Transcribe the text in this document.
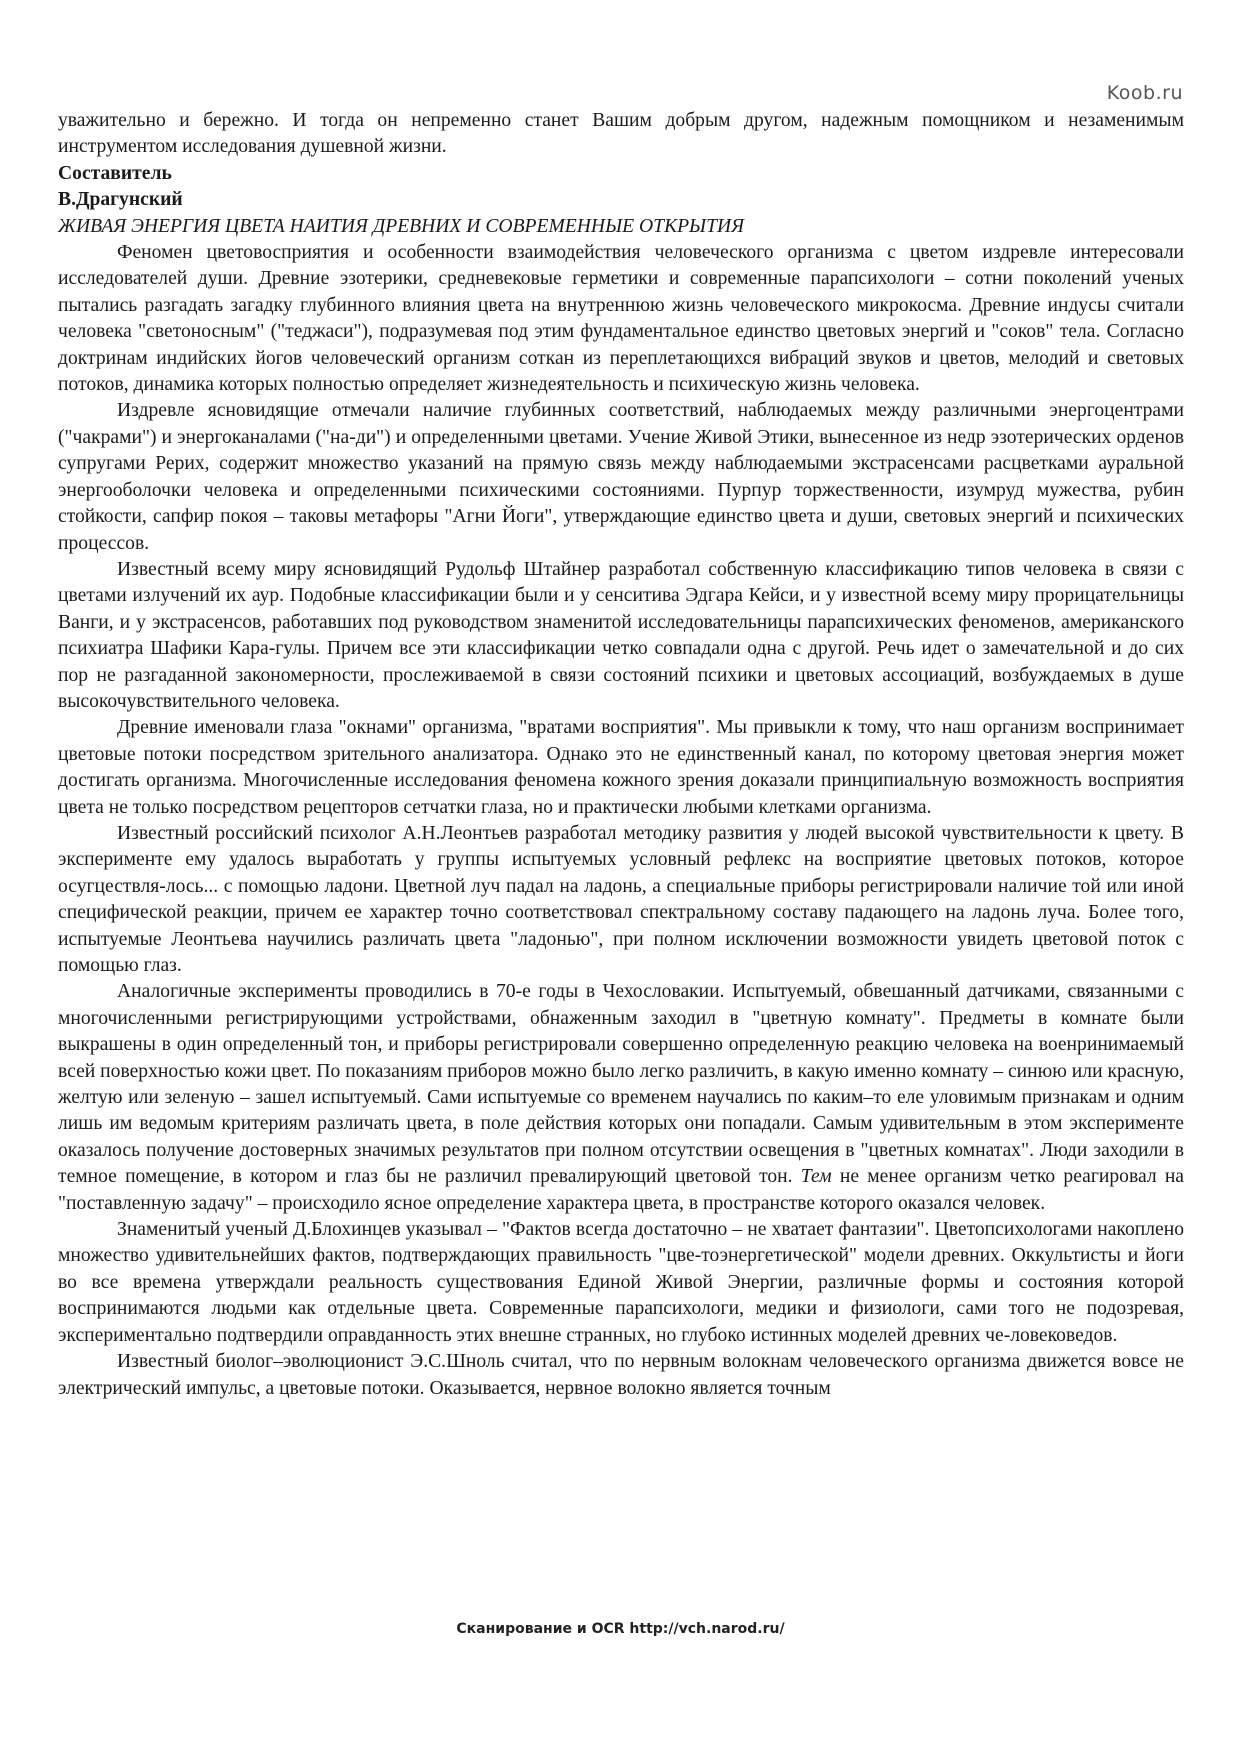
Koob.ru

уважительно и бережно. И тогда он непременно станет Вашим добрым другом, надежным помощником и незаменимым инструментом исследования душевной жизни.

Составитель

В.Драгунский

ЖИВАЯ ЭНЕРГИЯ ЦВЕТА НАИТИЯ ДРЕВНИХ И СОВРЕМЕННЫЕ ОТКРЫТИЯ

Феномен цветовосприятия и особенности взаимодействия человеческого организма с цветом издревле интересовали исследователей души. Древние эзотерики, средневековые герметики и современные парапсихологи – сотни поколений ученых пытались разгадать загадку глубинного влияния цвета на внутреннюю жизнь человеческого микрокосма. Древние индусы считали человека "светоносным" ("теджаси"), подразумевая под этим фундаментальное единство цветовых энергий и "соков" тела. Согласно доктринам индийских йогов человеческий организм соткан из переплетающихся вибраций звуков и цветов, мелодий и световых потоков, динамика которых полностью определяет жизнедеятельность и психическую жизнь человека.

Издревле ясновидящие отмечали наличие глубинных соответствий, наблюдаемых между различными энергоцентрами ("чакрами") и энергоканалами ("на-ди") и определенными цветами. Учение Живой Этики, вынесенное из недр эзотерических орденов супругами Рерих, содержит множество указаний на прямую связь между наблюдаемыми экстрасенсами расцветками ауральной энергооболочки человека и определенными психическими состояниями. Пурпур торжественности, изумруд мужества, рубин стойкости, сапфир покоя – таковы метафоры "Агни Йоги", утверждающие единство цвета и души, световых энергий и психических процессов.

Известный всему миру ясновидящий Рудольф Штайнер разработал собственную классификацию типов человека в связи с цветами излучений их аур. Подобные классификации были и у сенситива Эдгара Кейси, и у известной всему миру прорицательницы Ванги, и у экстрасенсов, работавших под руководством знаменитой исследовательницы парапсихических феноменов, американского психиатра Шафики Кара-гулы. Причем все эти классификации четко совпадали одна с другой. Речь идет о замечательной и до сих пор не разгаданной закономерности, прослеживаемой в связи состояний психики и цветовых ассоциаций, возбуждаемых в душе высокочувствительного человека.

Древние именовали глаза "окнами" организма, "вратами восприятия". Мы привыкли к тому, что наш организм воспринимает цветовые потоки посредством зрительного анализатора. Однако это не единственный канал, по которому цветовая энергия может достигать организма. Многочисленные исследования феномена кожного зрения доказали принципиальную возможность восприятия цвета не только посредством рецепторов сетчатки глаза, но и практически любыми клетками организма.

Известный российский психолог А.Н.Леонтьев разработал методику развития у людей высокой чувствительности к цвету. В эксперименте ему удалось выработать у группы испытуемых условный рефлекс на восприятие цветовых потоков, которое осугцествля-лось... с помощью ладони. Цветной луч падал на ладонь, а специальные приборы регистрировали наличие той или иной специфической реакции, причем ее характер точно соответствовал спектральному составу падающего на ладонь луча. Более того, испытуемые Леонтьева научились различать цвета "ладонью", при полном исключении возможности увидеть цветовой поток с помощью глаз.

Аналогичные эксперименты проводились в 70-е годы в Чехословакии. Испытуемый, обвешанный датчиками, связанными с многочисленными регистрирующими устройствами, обнаженным заходил в "цветную комнату". Предметы в комнате были выкрашены в один определенный тон, и приборы регистрировали совершенно определенную реакцию человека на военринимаемый всей поверхностью кожи цвет. По показаниям приборов можно было легко различить, в какую именно комнату – синюю или красную, желтую или зеленую – зашел испытуемый. Сами испытуемые со временем научались по каким–то еле уловимым признакам и одним лишь им ведомым критериям различать цвета, в поле действия которых они попадали. Самым удивительным в этом эксперименте оказалось получение достоверных значимых результатов при полном отсутствии освещения в "цветных комнатах". Люди заходили в темное помещение, в котором и глаз бы не различил превалирующий цветовой тон. Тем не менее организм четко реагировал на "поставленную задачу" – происходило ясное определение характера цвета, в пространстве которого оказался человек.

Знаменитый ученый Д.Блохинцев указывал – "Фактов всегда достаточно – не хватает фантазии". Цветопсихологами накоплено множество удивительнейших фактов, подтверждающих правильность "цве-тоэнергетической" модели древних. Оккультисты и йоги во все времена утверждали реальность существования Единой Живой Энергии, различные формы и состояния которой воспринимаются людьми как отдельные цвета. Современные парапсихологи, медики и физиологи, сами того не подозревая, экспериментально подтвердили оправданность этих внешне странных, но глубоко истинных моделей древних че-ловековедов.

Известный биолог–эволюционист Э.С.Шноль считал, что по нервным волокнам человеческого организма движется вовсе не электрический импульс, а цветовые потоки. Оказывается, нервное волокно является точным

Сканирование и OCR http://vch.narod.ru/
